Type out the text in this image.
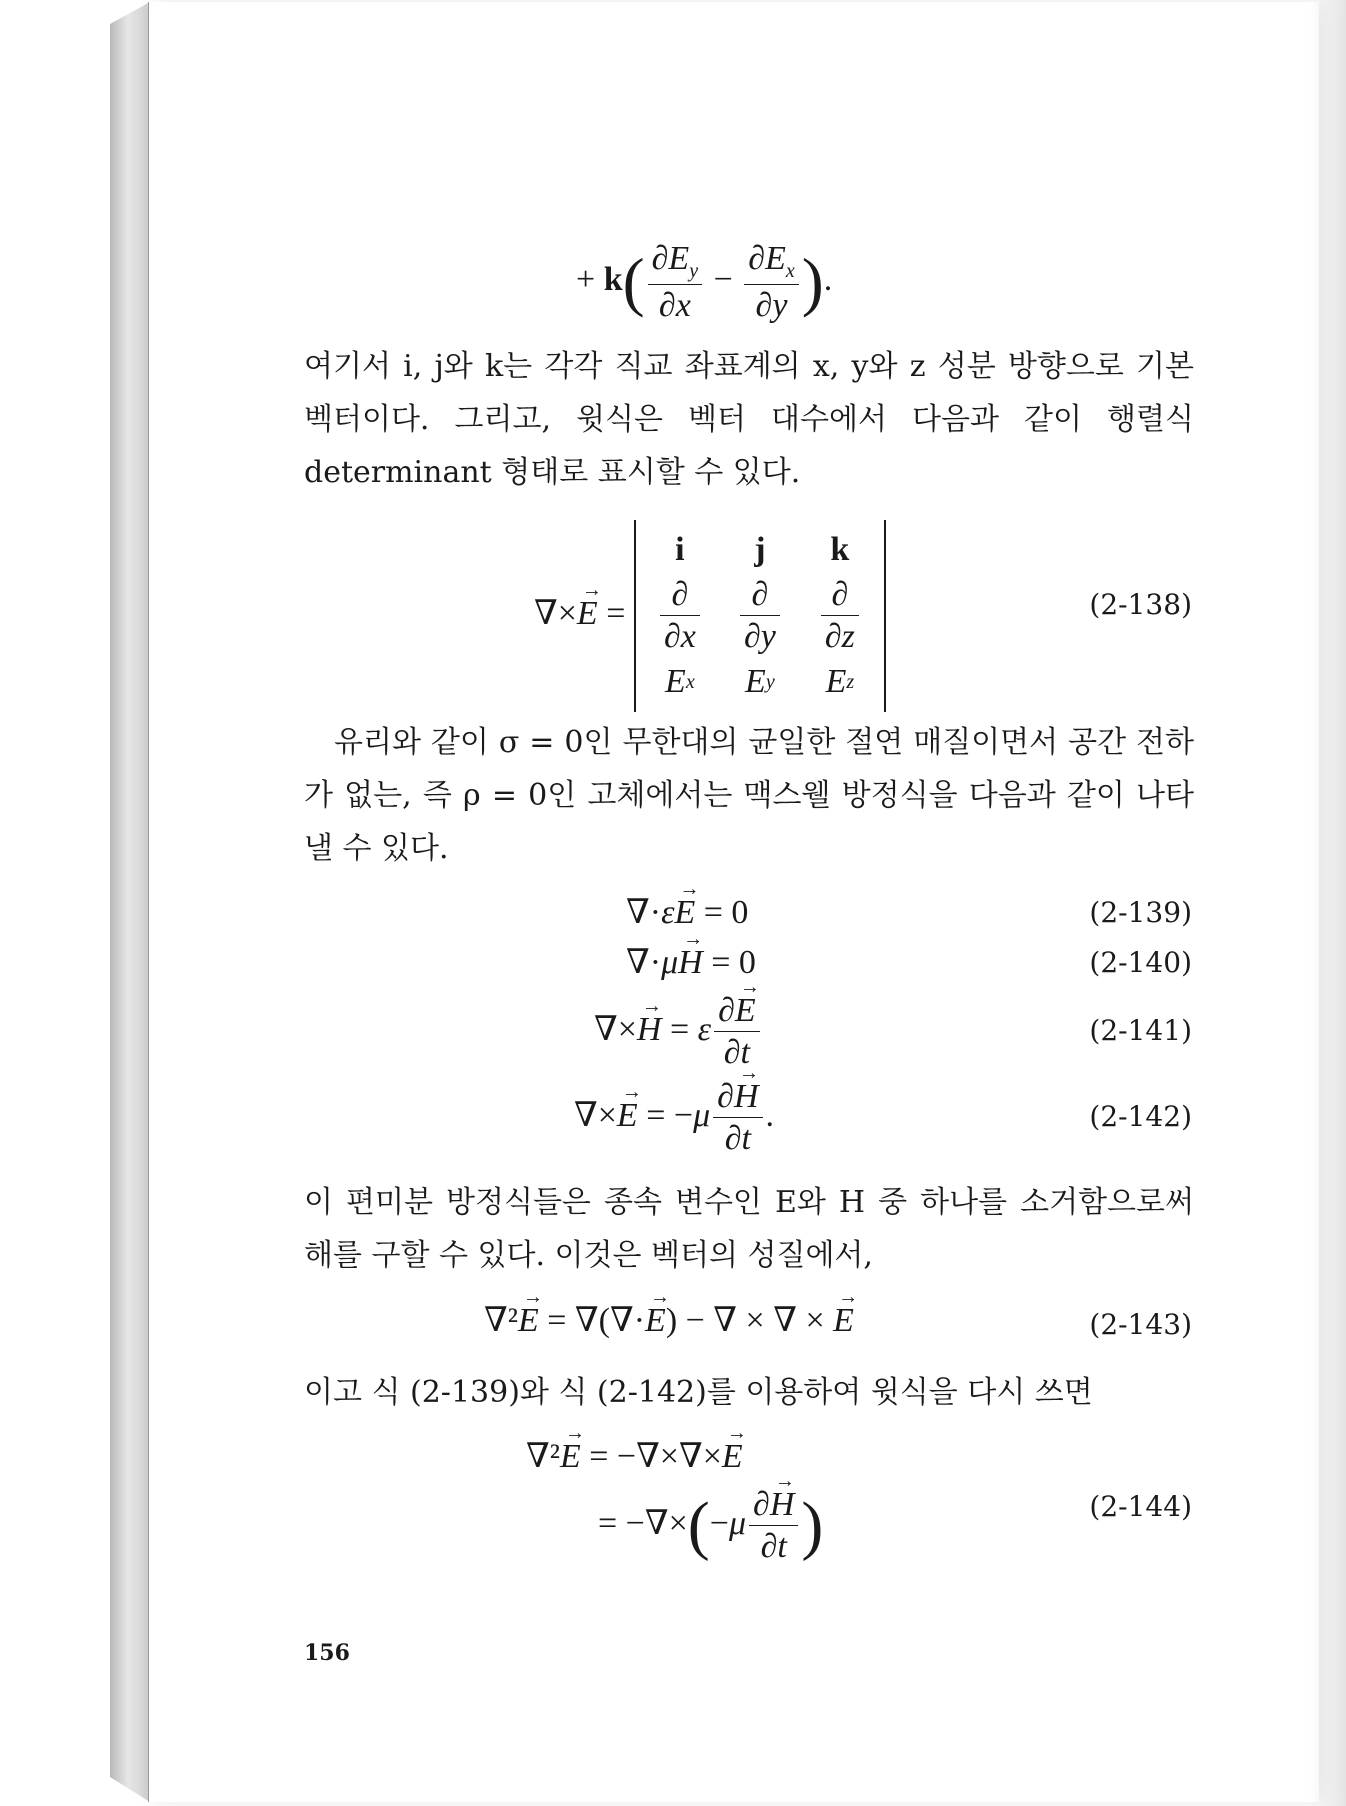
+ $k( \frac{\partial E_y}{\partial x} - \frac{\partial E_x}{\partial y}$ ).

여기서 i, j와 k는 각각 직교 좌표계의 x, y와 z 성분 방향으로 기본 벡터이다. 그리고, 윗식은 벡터 대수에서 다음과 같이 행렬식 determinant 형태로 표시할 수 있다.

∇×→ E =
i j k
$\frac{\partial}{\partial x} \frac{\partial}{\partial y} \frac{\partial}{\partial z}$
E x E y E z
(2-138)

유리와 같이 σ = 0인 무한대의 균일한 절연 매질이면서 공간 전하가 없는, 즉 ρ = 0인 고체에서는 맥스웰 방정식을 다음과 같이 나타낼 수 있다.

∇·ε→ E = 0	(2-139)
∇·μ→ H = 0	(2-140)
∇×→ H = ε $\frac{\partial\to E}{\partial t}$	(2-141)
∇×→ $E = -\mu \frac{\partial\to H}{\partial t}$ .	(2-142)

이 편미분 방정식들은 종속 변수인 E와 H 중 하나를 소거함으로써 해를 구할 수 있다. 이것은 벡터의 성질에서,

∇²→ E = ∇(∇·→ E) − ∇ × ∇ × → E	(2-143)

이고 식 (2-139)와 식 (2-142)를 이용하여 윗식을 다시 쓰면

∇²→ E = −∇×∇×→ E
= $-\nabla\times(-\mu \frac{\partial\to H}{\partial t}$ )	(2-144)
156
